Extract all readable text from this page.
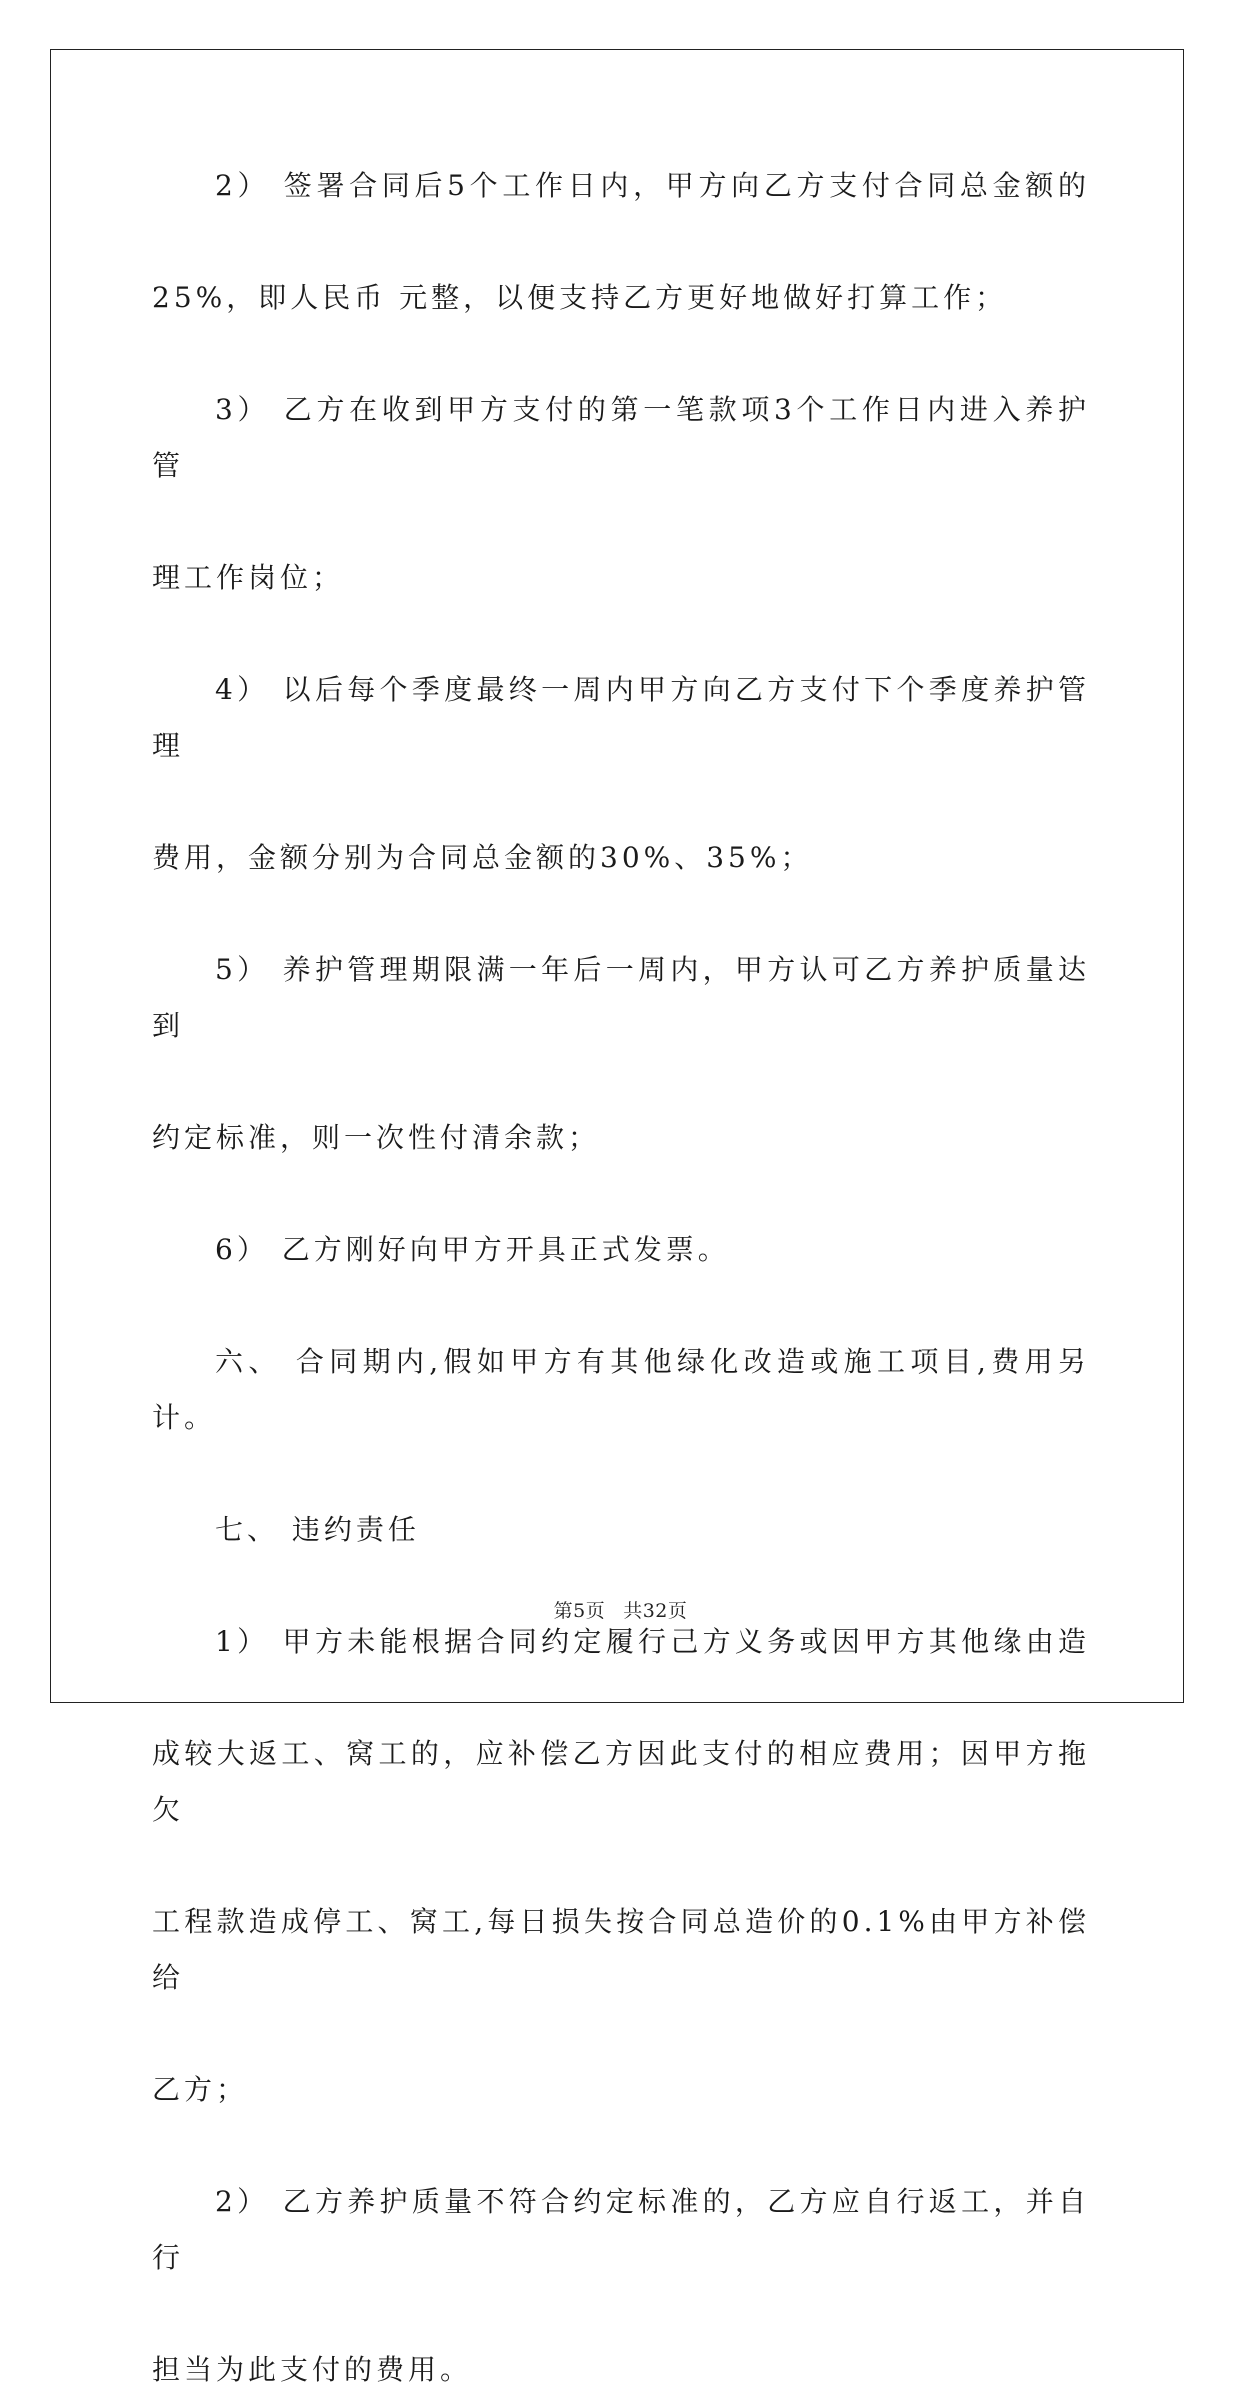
2） 签署合同后5个工作日内，甲方向乙方支付合同总金额的
25%，即人民币 元整，以便支持乙方更好地做好打算工作；
3） 乙方在收到甲方支付的第一笔款项3个工作日内进入养护管
理工作岗位；
4） 以后每个季度最终一周内甲方向乙方支付下个季度养护管理
费用，金额分别为合同总金额的30%、35%；
5） 养护管理期限满一年后一周内，甲方认可乙方养护质量达到
约定标准，则一次性付清余款；
6） 乙方刚好向甲方开具正式发票。
六、 合同期内,假如甲方有其他绿化改造或施工项目,费用另计。
七、 违约责任
1） 甲方未能根据合同约定履行己方义务或因甲方其他缘由造
成较大返工、窝工的，应补偿乙方因此支付的相应费用；因甲方拖欠
工程款造成停工、窝工,每日损失按合同总造价的0.1%由甲方补偿给
乙方；
2） 乙方养护质量不符合约定标准的，乙方应自行返工，并自行
担当为此支付的费用。
第5页 共32页
